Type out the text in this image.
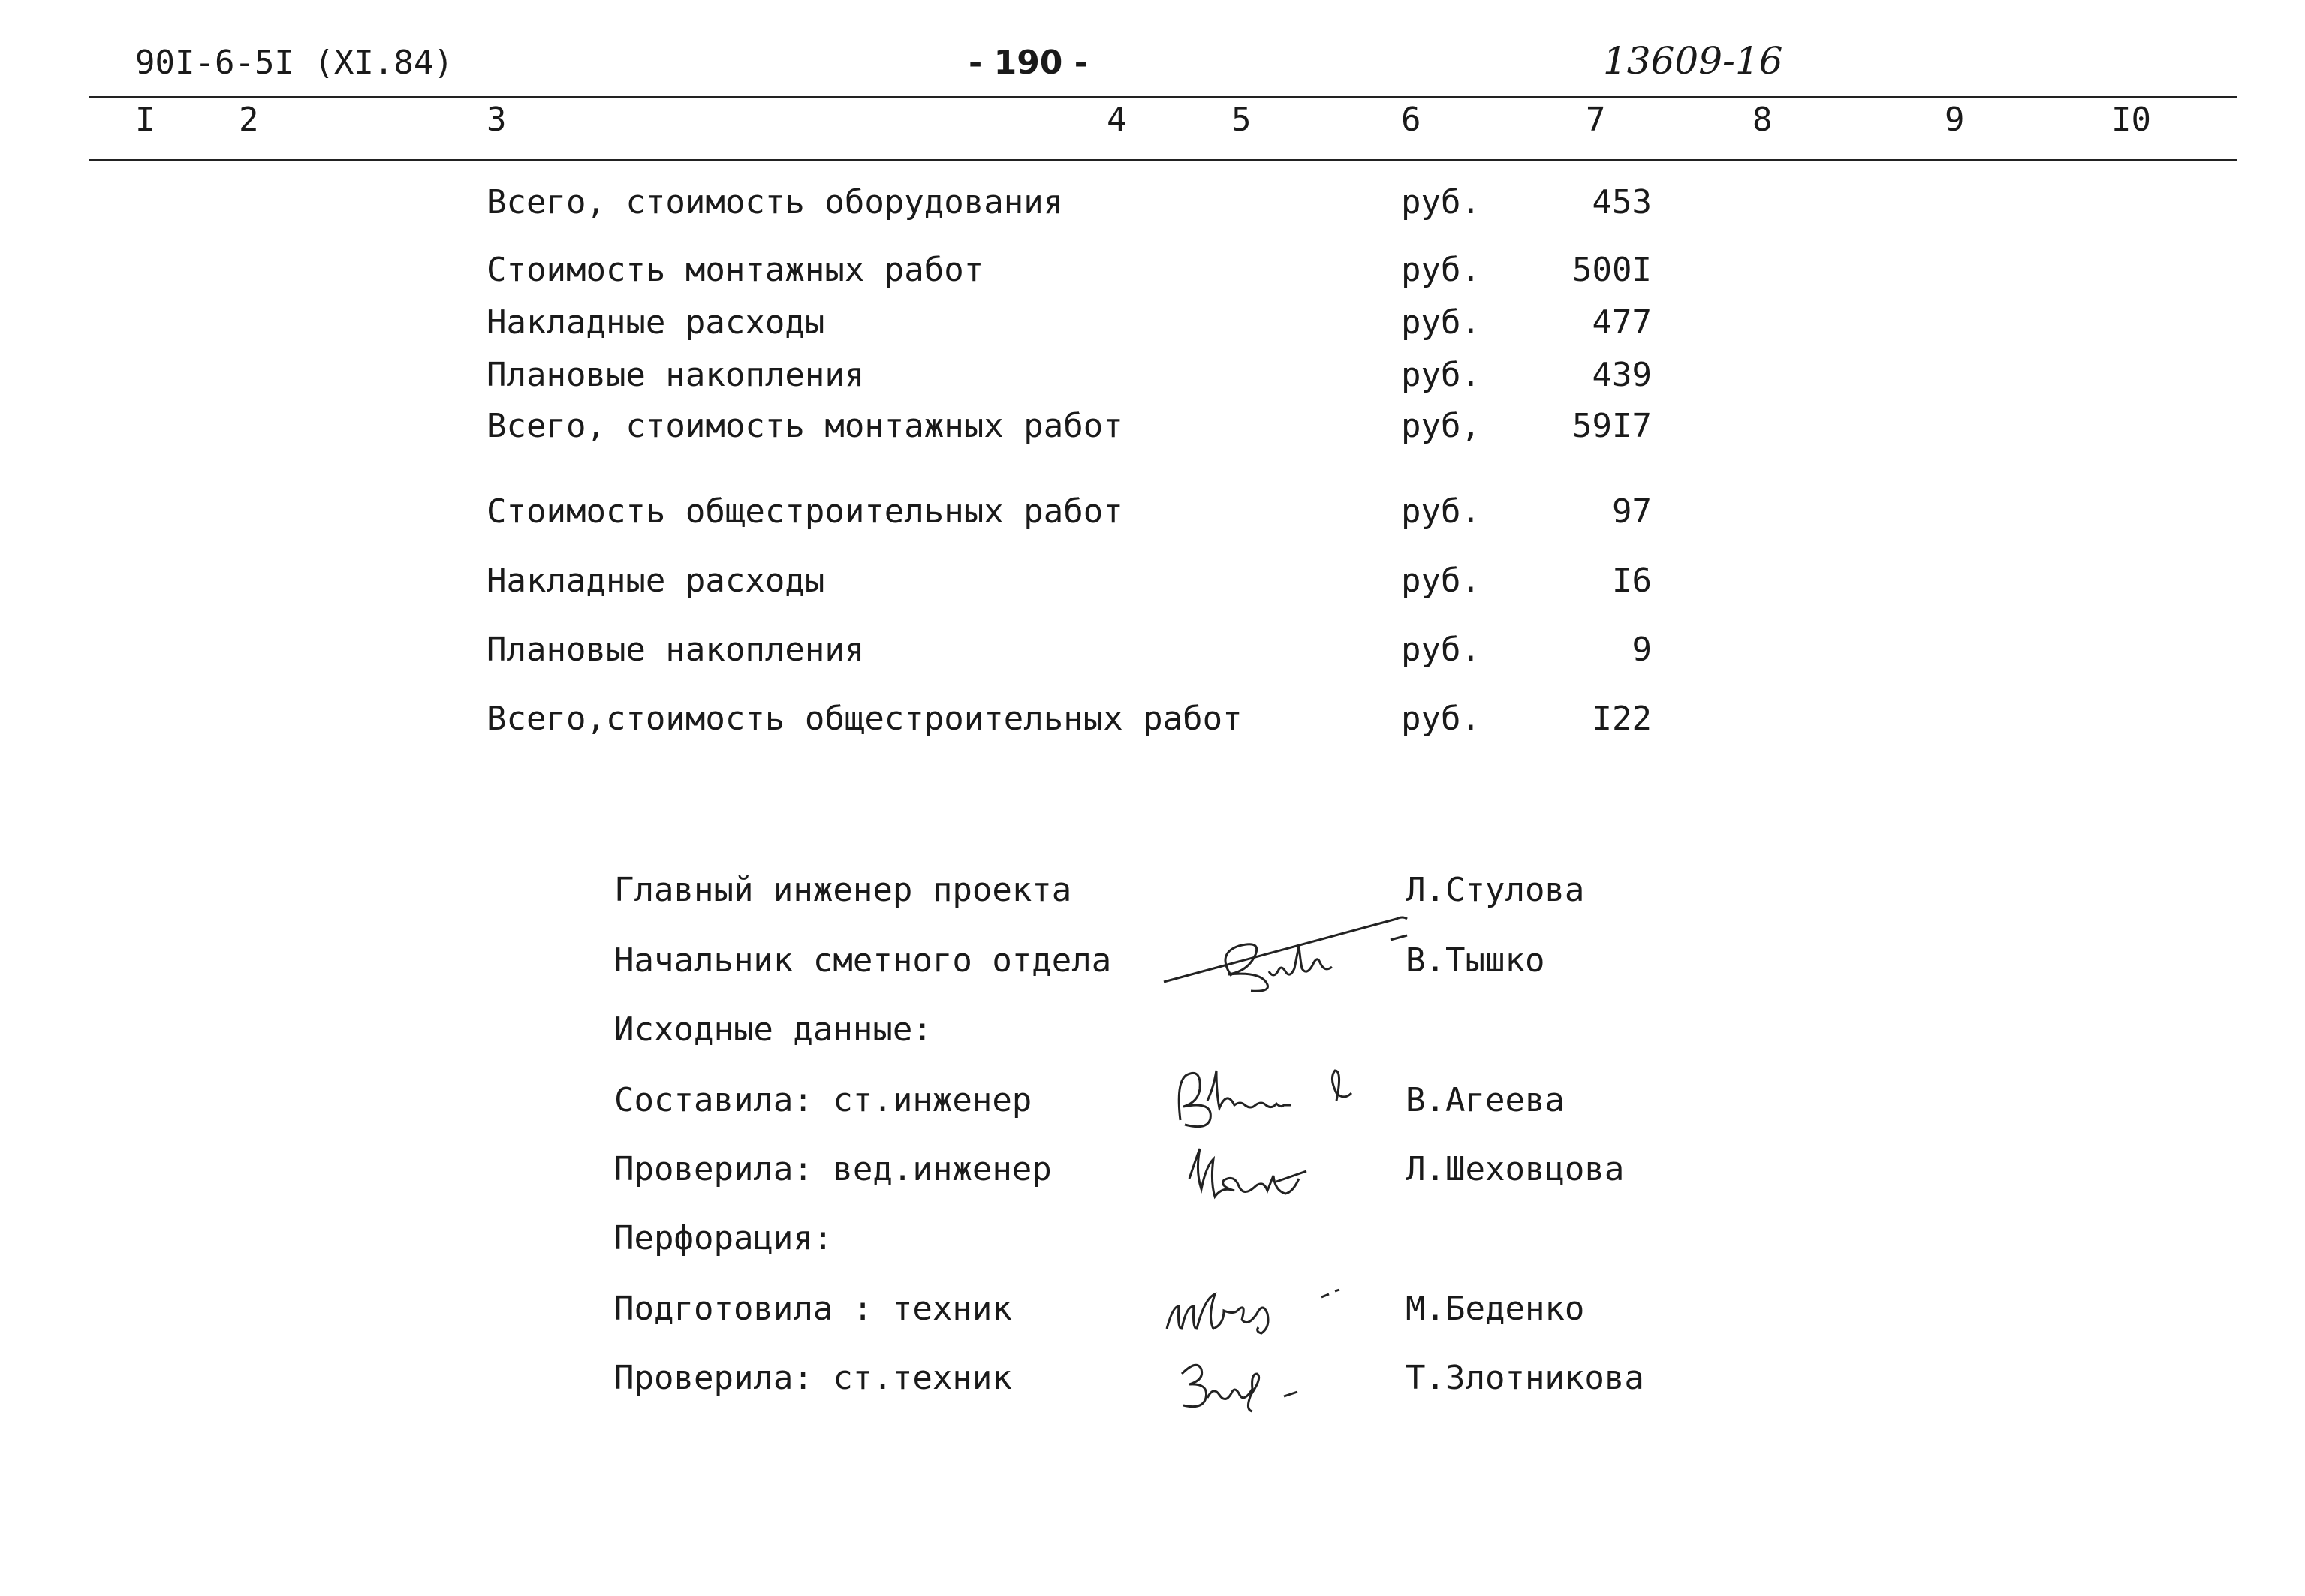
90I-6-5I (XI.84)	- 190 -	13609-16
I	2	3	4	5	6	7	8	9	I0
Всего, стоимость оборудования	руб.	453
Стоимость монтажных работ	руб.	500I
Накладные расходы	руб.	477
Плановые накопления	руб.	439
Всего, стоимость монтажных работ	руб,	59I7
Стоимость общестроительных работ	руб.	97
Накладные расходы	руб.	I6
Плановые накопления	руб.	9
Всего,стоимость общестроительных работ	руб.	I22
Главный инженер проекта	Л.Стулова
Начальник сметного отдела	В.Тышко
Исходные данные:
Составила: ст.инженер	В.Агеева
Проверила: вед.инженер	Л.Шеховцова
Перфорация:
Подготовила : техник	М.Беденко
Проверила: ст.техник	Т.Злотникова
